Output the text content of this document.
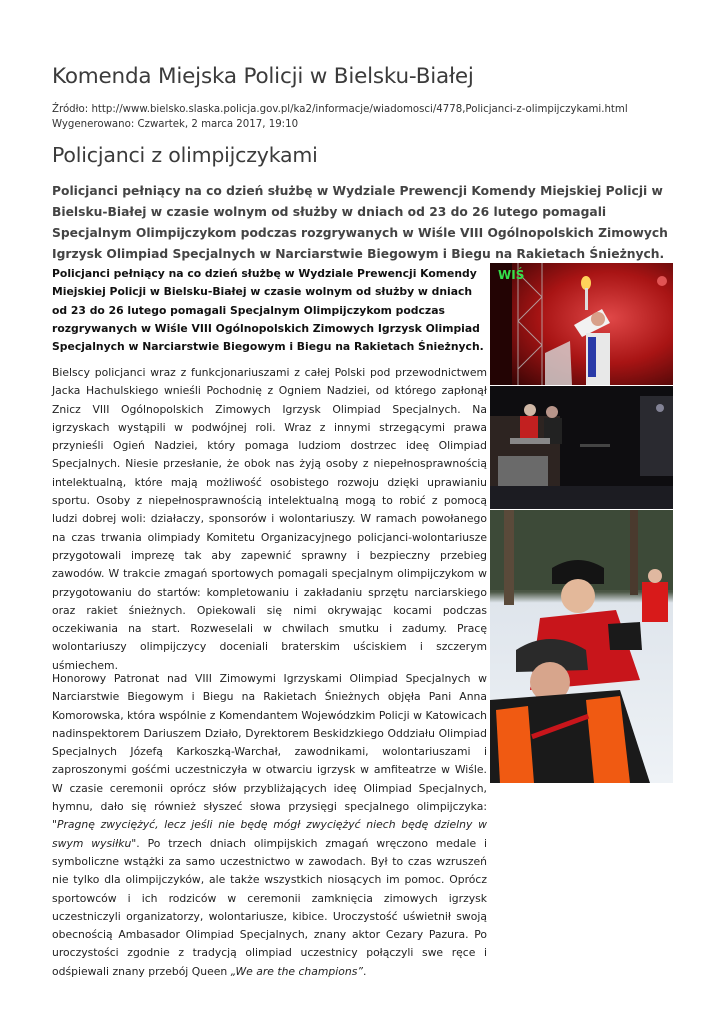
Komenda Miejska Policji w Bielsku-Białej
Źródło: http://www.bielsko.slaska.policja.gov.pl/ka2/informacje/wiadomosci/4778,Policjanci-z-olimpijczykami.html
Wygenerowano: Czwartek, 2 marca 2017, 19:10
Policjanci z olimpijczykami

Policjanci pełniący na co dzień służbę w Wydziale Prewencji Komendy Miejskiej Policji w Bielsku-Białej w czasie wolnym od służby w dniach od 23 do 26 lutego pomagali Specjalnym Olimpijczykom podczas rozgrywanych w Wiśle VIII Ogólnopolskich Zimowych Igrzysk Olimpiad Specjalnych w Narciarstwie Biegowym i Biegu na Rakietach Śnieżnych.

Policjanci pełniący na co dzień służbę w Wydziale Prewencji Komendy Miejskiej Policji w Bielsku-Białej w czasie wolnym od służby w dniach od 23 do 26 lutego pomagali Specjalnym Olimpijczykom podczas rozgrywanych w Wiśle VIII Ogólnopolskich Zimowych Igrzysk Olimpiad Specjalnych w Narciarstwie Biegowym i Biegu na Rakietach Śnieżnych.

Bielscy policjanci wraz z funkcjonariuszami z całej Polski pod przewodnictwem Jacka Hachulskiego wnieśli Pochodnię z Ogniem Nadziei, od którego zapłonął Znicz VIII Ogólnopolskich Zimowych Igrzysk Olimpiad Specjalnych. Na igrzyskach wystąpili w podwójnej roli. Wraz z innymi strzegącymi prawa przynieśli Ogień Nadziei, który pomaga ludziom dostrzec ideę Olimpiad Specjalnych. Niesie przesłanie, że obok nas żyją osoby z niepełnosprawnością intelektualną, które mają możliwość osobistego rozwoju dzięki uprawianiu sportu. Osoby z niepełnosprawnością intelektualną mogą to robić z pomocą ludzi dobrej woli: działaczy, sponsorów i wolontariuszy. W ramach powołanego na czas trwania olimpiady Komitetu Organizacyjnego policjanci-wolontariusze przygotowali imprezę tak aby zapewnić sprawny i bezpieczny przebieg zawodów. W trakcie zmagań sportowych pomagali specjalnym olimpijczykom w przygotowaniu do startów: kompletowaniu i zakładaniu sprzętu narciarskiego oraz rakiet śnieżnych. Opiekowali się nimi okrywając kocami podczas oczekiwania na start. Rozweselali w chwilach smutku i zadumy. Pracę wolontariuszy olimpijczycy doceniali braterskim uściskiem i szczerym uśmiechem.

Honorowy Patronat nad VIII Zimowymi Igrzyskami Olimpiad Specjalnych w Narciarstwie Biegowym i Biegu na Rakietach Śnieżnych objęła Pani Anna Komorowska, która wspólnie z Komendantem Wojewódzkim Policji w Katowicach nadinspektorem Dariuszem Działo, Dyrektorem Beskidzkiego Oddziału Olimpiad Specjalnych Józefą Karkoszką-Warchał, zawodnikami, wolontariuszami i zaproszonymi gośćmi uczestniczyła w otwarciu igrzysk w amfiteatrze w Wiśle. W czasie ceremonii oprócz słów przybliżających ideę Olimpiad Specjalnych, hymnu, dało się również słyszeć słowa przysięgi specjalnego olimpijczyka: "Pragnę zwyciężyć, lecz jeśli nie będę mógł zwyciężyć niech będę dzielny w swym wysiłku". Po trzech dniach olimpijskich zmagań wręczono medale i symboliczne wstążki za samo uczestnictwo w zawodach. Był to czas wzruszeń nie tylko dla olimpijczyków, ale także wszystkich niosących im pomoc. Oprócz sportowców i ich rodziców w ceremonii zamknięcia zimowych igrzysk uczestniczyli organizatorzy, wolontariusze, kibice. Uroczystość uświetnił swoją obecnością Ambasador Olimpiad Specjalnych, znany aktor Cezary Pazura. Po uroczystości zgodnie z tradycją olimpiad uczestnicy połączyli swe ręce i odśpiewali znany przebój Queen „We are the champions”.

WIŚ
